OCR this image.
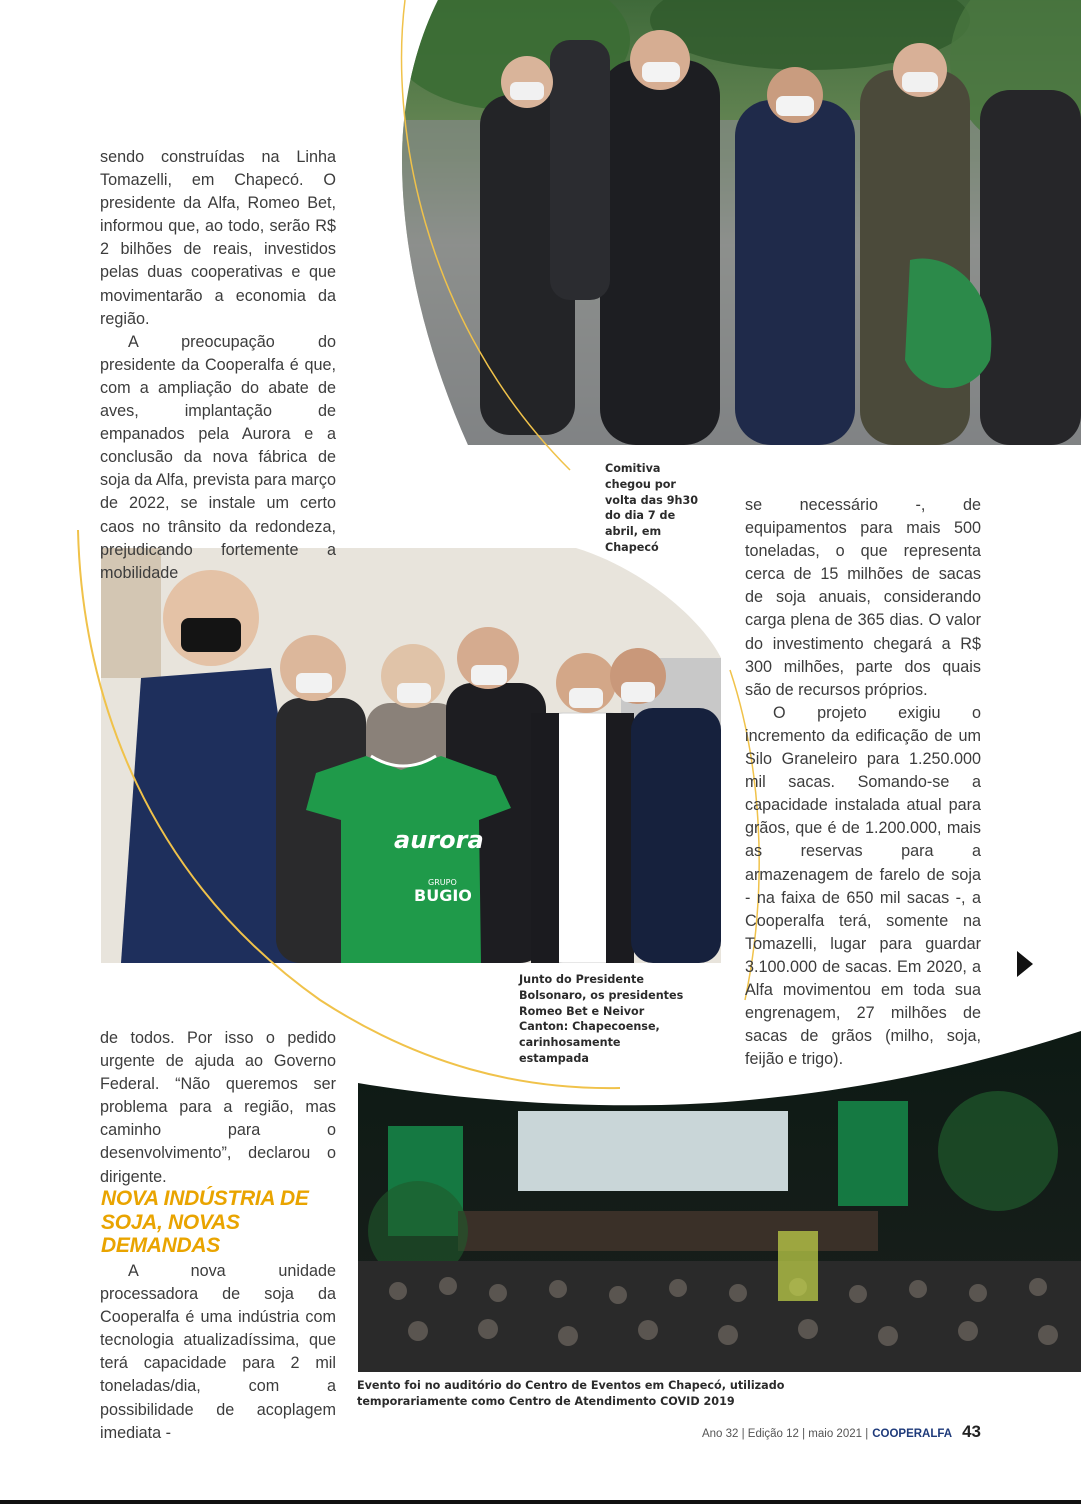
aurora
GRUPO
BUGIO

sendo construídas na Linha Tomazelli, em Chapecó. O presidente da Alfa, Romeo Bet, informou que, ao todo, serão R$ 2 bilhões de reais, investidos pelas duas cooperativas e que movimentarão a economia da região.

A preocupação do presidente da Cooperalfa é que, com a ampliação do abate de aves, implantação de empanados pela Aurora e a conclusão da nova fábrica de soja da Alfa, prevista para março de 2022, se instale um certo caos no trânsito da redondeza, prejudicando fortemente a mobilidade

Comitiva chegou por volta das 9h30 do dia 7 de abril, em Chapecó

se necessário -, de equipamentos para mais 500 toneladas, o que representa cerca de 15 milhões de sacas de soja anuais, considerando carga plena de 365 dias. O valor do investimento chegará a R$ 300 milhões, parte dos quais são de recursos próprios.

O projeto exigiu o incremento da edificação de um Silo Graneleiro para 1.250.000 mil sacas. Somando-se a capacidade instalada atual para grãos, que é de 1.200.000, mais as reservas para a armazenagem de farelo de soja - na faixa de 650 mil sacas -, a Cooperalfa terá, somente na Tomazelli, lugar para guardar 3.100.000 de sacas. Em 2020, a Alfa movimentou em toda sua engrenagem, 27 milhões de sacas de grãos (milho, soja, feijão e trigo).

Junto do Presidente Bolsonaro, os presidentes Romeo Bet e Neivor Canton: Chapecoense, carinhosamente estampada

de todos. Por isso o pedido urgente de ajuda ao Governo Federal. “Não queremos ser problema para a região, mas caminho para o desenvolvimento”, declarou o dirigente.

NOVA INDÚSTRIA DE SOJA, NOVAS DEMANDAS

A nova unidade processadora de soja da Cooperalfa é uma indústria com tecnologia atualizadíssima, que terá capacidade para 2 mil toneladas/dia, com a possibilidade de acoplagem imediata -

Evento foi no auditório do Centro de Eventos em Chapecó, utilizado temporariamente como Centro de Atendimento COVID 2019
Ano 32 | Edição 12 | maio 2021 | COOPERALFA 43
